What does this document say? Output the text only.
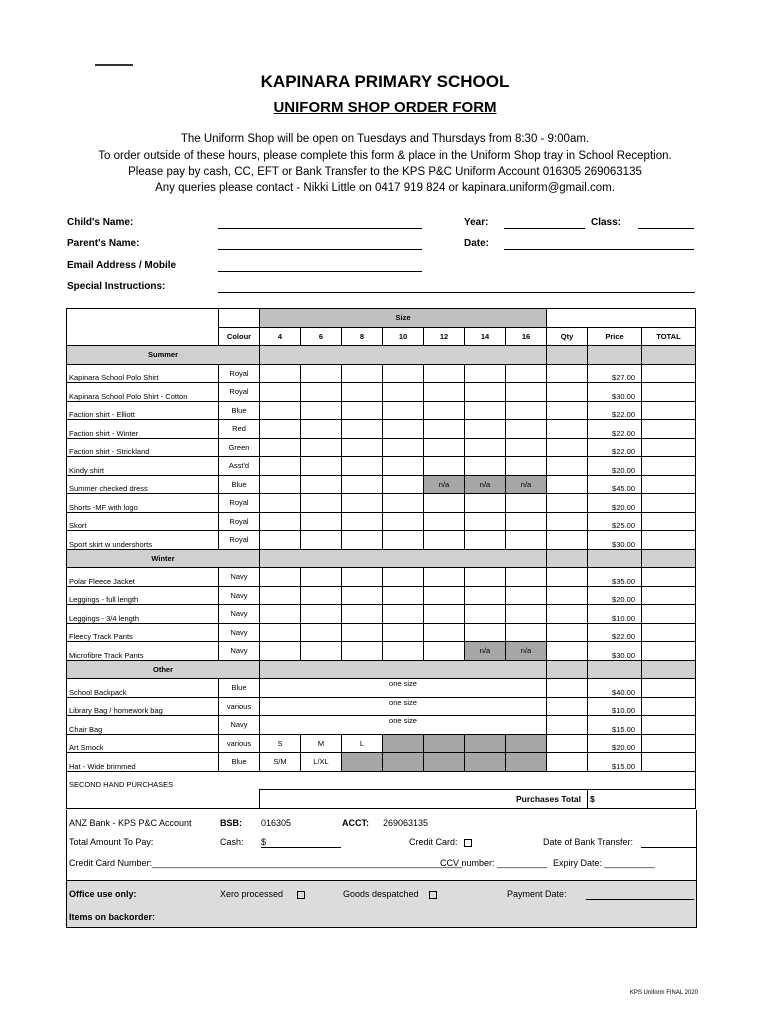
KAPINARA PRIMARY SCHOOL
UNIFORM SHOP ORDER FORM
The Uniform Shop will be open on Tuesdays and Thursdays from 8:30 - 9:00am.
To order outside of these hours, please complete this form & place in the Uniform Shop tray in School Reception.
Please pay by cash, CC, EFT or Bank Transfer to the KPS P&C Uniform Account 016305 269063135
Any queries please contact - Nikki Little on 0417 919 824 or kapinara.uniform@gmail.com.
Child's Name:	Year:	Class:
Parent's Name:	Date:
Email Address / Mobile
Special Instructions:
		Size									
	Colour	4	6	8	10	12	14	16	Qty	Price	TOTAL
Summer											
Kapinara School Polo Shirt	Royal									$27.00	
Kapinara School Polo Shirt - Cotton	Royal									$30.00	
Faction shirt - Elliott	Blue									$22.00	
Faction shirt - Winter	Red									$22.00	
Faction shirt - Strickland	Green									$22.00	
Kindy shirt	Asst'd									$20.00	
Summer checked dress	Blue					n/a	n/a	n/a		$45.00	
Shorts -MF with logo	Royal									$20.00	
Skort	Royal									$25.00	
Sport skirt w undershorts	Royal									$30.00	
Winter											
Polar Fleece Jacket	Navy									$35.00	
Leggings - full length	Navy									$20.00	
Leggings - 3/4 length	Navy									$10.00	
Fleecy Track Pants	Navy									$22.00	
Microfibre Track Pants	Navy						n/a	n/a		$30.00	
Other											
School Backpack	Blue	one size								$40.00	
Library Bag / homework bag	various	one size								$10.00	
Chair Bag	Navy	one size								$15.00	
Art Smock	various	S	M	L						$20.00	
Hat - Wide brimmed	Blue	S/M	L/XL							$15.00	
SECOND HAND PURCHASES											
		Purchases Total								$	
ANZ Bank - KPS P&C Account	BSB: 016305	ACCT: 269063135
Total Amount To Pay:	Cash: $	Credit Card:	Date of Bank Transfer:
Credit Card Number:______________________________________________________________
CCV number: __________ Expiry Date: __________
Office use only:	Xero processed	Goods despatched	Payment Date:
Items on backorder:
KPS Uniform FINAL 2020
